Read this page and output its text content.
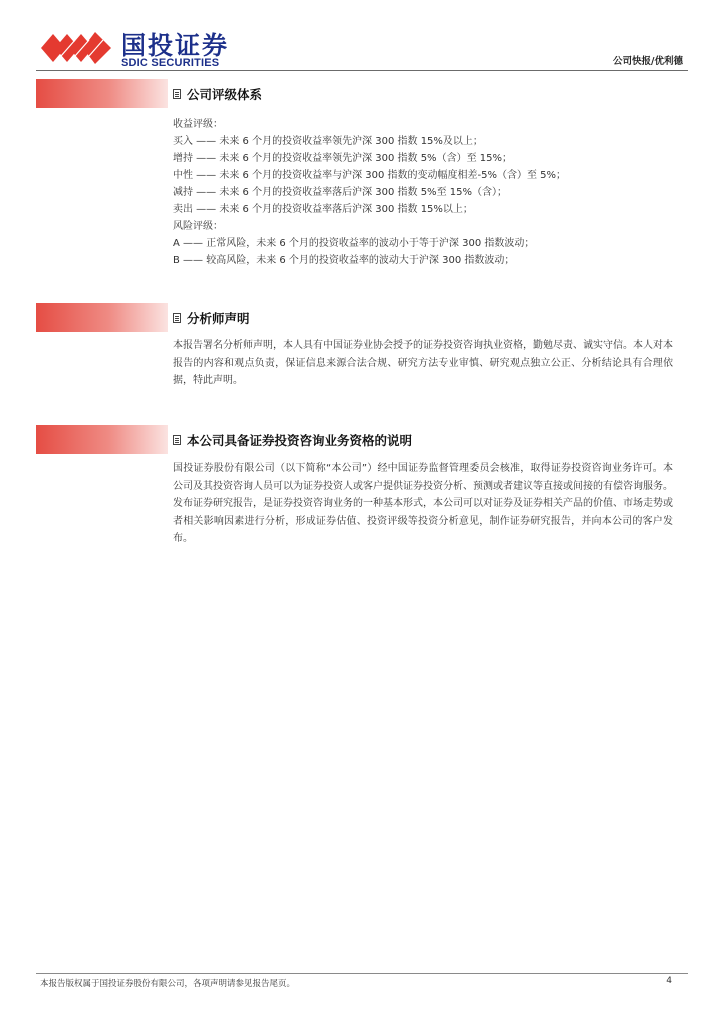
国投证券
SDIC SECURITIES	公司快报/优利德
公司评级体系
收益评级：
买入 —— 未来 6 个月的投资收益率领先沪深 300 指数 15%及以上；
增持 —— 未来 6 个月的投资收益率领先沪深 300 指数 5%（含）至 15%；
中性 —— 未来 6 个月的投资收益率与沪深 300 指数的变动幅度相差-5%（含）至 5%；
减持 —— 未来 6 个月的投资收益率落后沪深 300 指数 5%至 15%（含）；
卖出 —— 未来 6 个月的投资收益率落后沪深 300 指数 15%以上；
风险评级：
A —— 正常风险，未来 6 个月的投资收益率的波动小于等于沪深 300 指数波动；
B —— 较高风险，未来 6 个月的投资收益率的波动大于沪深 300 指数波动；
分析师声明
本报告署名分析师声明，本人具有中国证券业协会授予的证券投资咨询执业资格，勤勉尽责、诚实守信。本人对本报告的内容和观点负责，保证信息来源合法合规、研究方法专业审慎、研究观点独立公正、分析结论具有合理依据，特此声明。
本公司具备证券投资咨询业务资格的说明
国投证券股份有限公司（以下简称“本公司”）经中国证券监督管理委员会核准，取得证券投资咨询业务许可。本公司及其投资咨询人员可以为证券投资人或客户提供证券投资分析、预测或者建议等直接或间接的有偿咨询服务。发布证券研究报告，是证券投资咨询业务的一种基本形式，本公司可以对证券及证券相关产品的价值、市场走势或者相关影响因素进行分析，形成证券估值、投资评级等投资分析意见，制作证券研究报告，并向本公司的客户发布。
本报告版权属于国投证券股份有限公司，各项声明请参见报告尾页。	4
